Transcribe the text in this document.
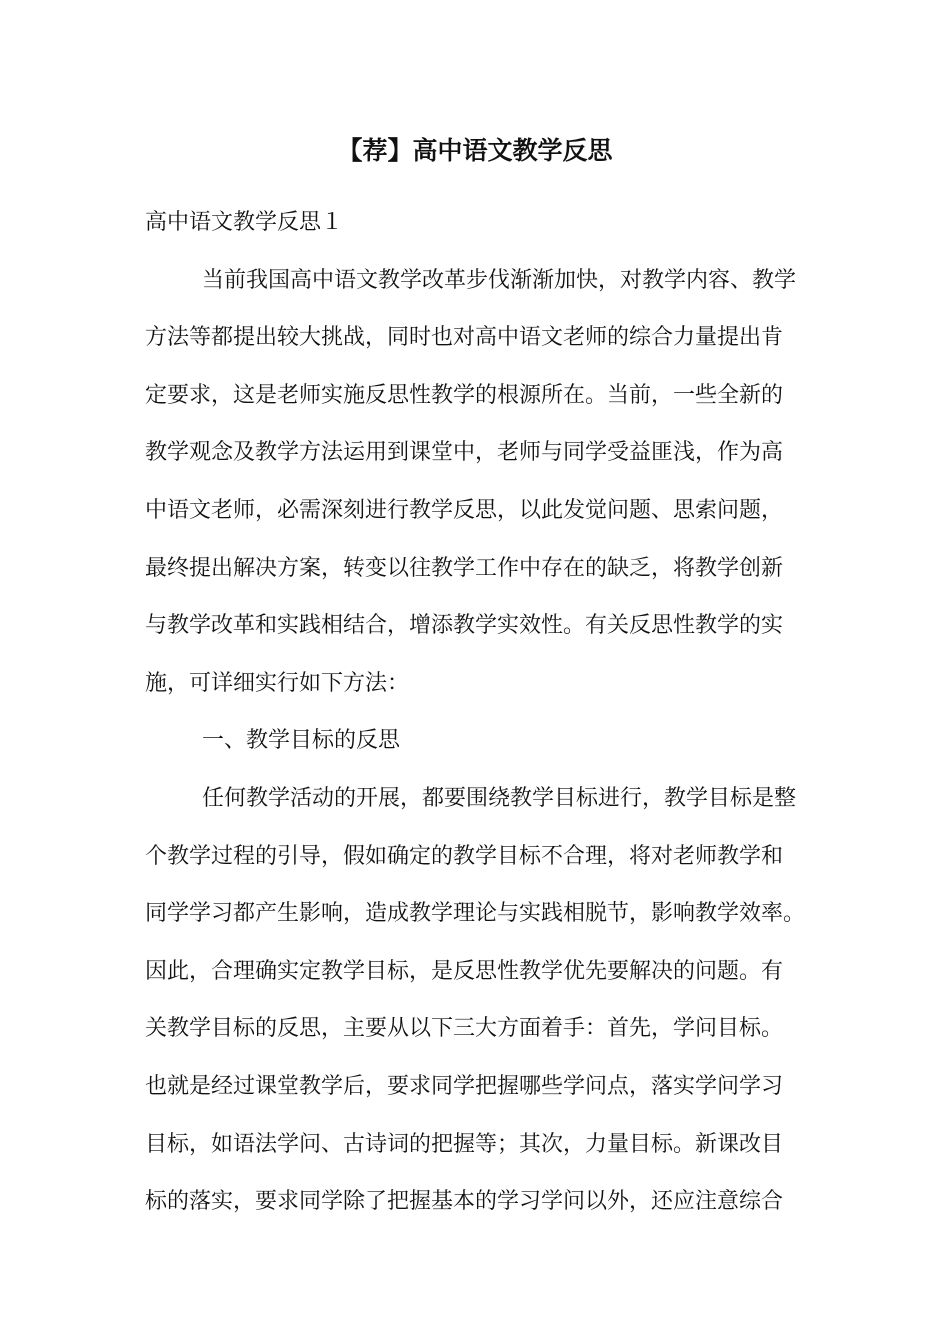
【荐】高中语文教学反思
高中语文教学反思１
当前我国高中语文教学改革步伐渐渐加快，对教学内容、教学
方法等都提出较大挑战，同时也对高中语文老师的综合力量提出肯
定要求，这是老师实施反思性教学的根源所在。当前，一些全新的
教学观念及教学方法运用到课堂中，老师与同学受益匪浅，作为高
中语文老师，必需深刻进行教学反思，以此发觉问题、思索问题，
最终提出解决方案，转变以往教学工作中存在的缺乏，将教学创新
与教学改革和实践相结合，增添教学实效性。有关反思性教学的实
施，可详细实行如下方法：
一、教学目标的反思
任何教学活动的开展，都要围绕教学目标进行，教学目标是整
个教学过程的引导，假如确定的教学目标不合理，将对老师教学和
同学学习都产生影响，造成教学理论与实践相脱节，影响教学效率。
因此，合理确实定教学目标，是反思性教学优先要解决的问题。有
关教学目标的反思，主要从以下三大方面着手：首先，学问目标。
也就是经过课堂教学后，要求同学把握哪些学问点，落实学问学习
目标，如语法学问、古诗词的把握等；其次，力量目标。新课改目
标的落实，要求同学除了把握基本的学习学问以外，还应注意综合
